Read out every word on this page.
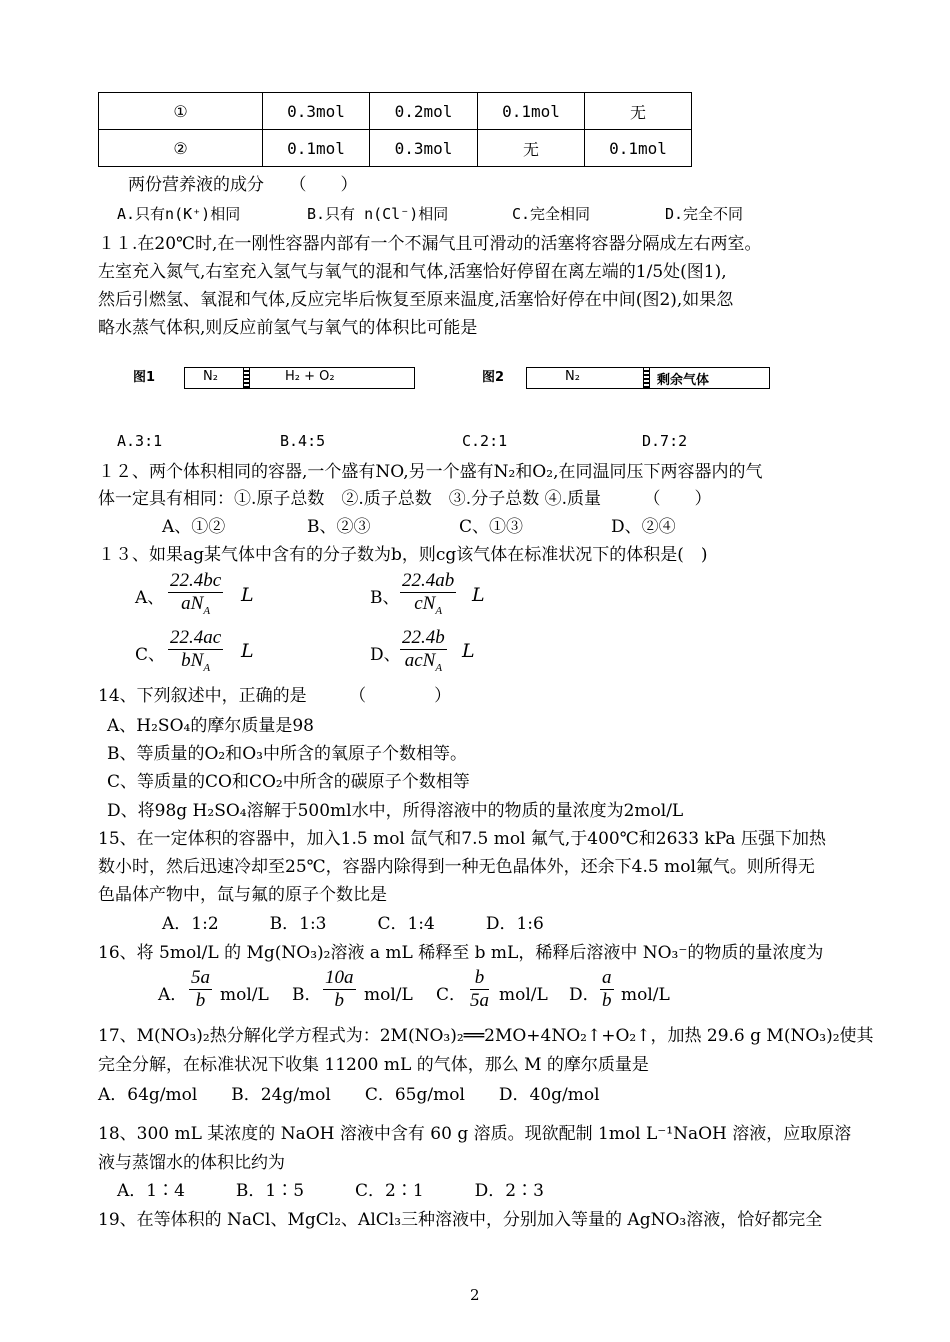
①	0.3mol	0.2mol	0.1mol	无
②	0.1mol	0.3mol	无	0.1mol
两份营养液的成分　　（　　）
A.只有n(K⁺)相同	B.只有 n(Cl⁻)相同	C.完全相同	D.完全不同
１１.在20℃时,在一刚性容器内部有一个不漏气且可滑动的活塞将容器分隔成左右两室。
左室充入氮气,右室充入氢气与氧气的混和气体,活塞恰好停留在离左端的1/5处(图1),
然后引燃氢、氧混和气体,反应完毕后恢复至原来温度,活塞恰好停在中间(图2),如果忽
略水蒸气体积,则反应前氢气与氧气的体积比可能是
图1	N₂	H₂ + O₂	图2	N₂	剩余气体
A.3:1	B.4:5	C.2:1	D.7:2
１２、两个体积相同的容器,一个盛有NO,另一个盛有N₂和O₂,在同温同压下两容器内的气
体一定具有相同：①.原子总数　②.质子总数　③.分子总数 ④.质量　　　（　　）
A、①②	B、②③	C、①③	D、②④
１３、如果ag某气体中含有的分子数为b，则cg该气体在标准状况下的体积是(　)
A、
22.4bc
$aN_A$
L	B、
22.4ab
$cN_A$
L
C、
22.4ac
$bN_A$
L	D、
22.4b
acN$_A$
L
14、下列叙述中，正确的是　　　（　　　　）
A、H₂SO₄的摩尔质量是98
B、等质量的O₂和O₃中所含的氧原子个数相等。
C、等质量的CO和CO₂中所含的碳原子个数相等
D、将98g H₂SO₄溶解于500ml水中，所得溶液中的物质的量浓度为2mol/L
15、在一定体积的容器中，加入1.5 mol 氙气和7.5 mol 氟气,于400℃和2633 kPa 压强下加热
数小时，然后迅速冷却至25℃，容器内除得到一种无色晶体外，还余下4.5 mol氟气。则所得无
色晶体产物中，氙与氟的原子个数比是
A．1:2　　　B．1:3　　　C．1:4　　　D．1:6
16、将 5mol/L 的 Mg(NO₃)₂溶液 a mL 稀释至 b mL，稀释后溶液中 NO₃⁻的物质的量浓度为
A． $\frac{5a}{b} mol/L$ B． $\frac{10a}{b} mol/L$ C． $\frac{b}{5a} mol/L$ D． $\frac{a}{b} mol/L$
17、M(NO₃)₂热分解化学方程式为：2M(NO₃)₂══2MO+4NO₂↑+O₂↑，加热 29.6 g M(NO₃)₂使其
完全分解，在标准状况下收集 11200 mL 的气体，那么 M 的摩尔质量是
A．64g/mol　　B．24g/mol　　C．65g/mol　　D．40g/mol
18、300 mL 某浓度的 NaOH 溶液中含有 60 g 溶质。现欲配制 1mol L⁻¹NaOH 溶液，应取原溶
液与蒸馏水的体积比约为
A．1∶4　　　B．1∶5　　　C．2∶1　　　D．2∶3
19、在等体积的 NaCl、MgCl₂、AlCl₃三种溶液中，分别加入等量的 AgNO₃溶液，恰好都完全
2
